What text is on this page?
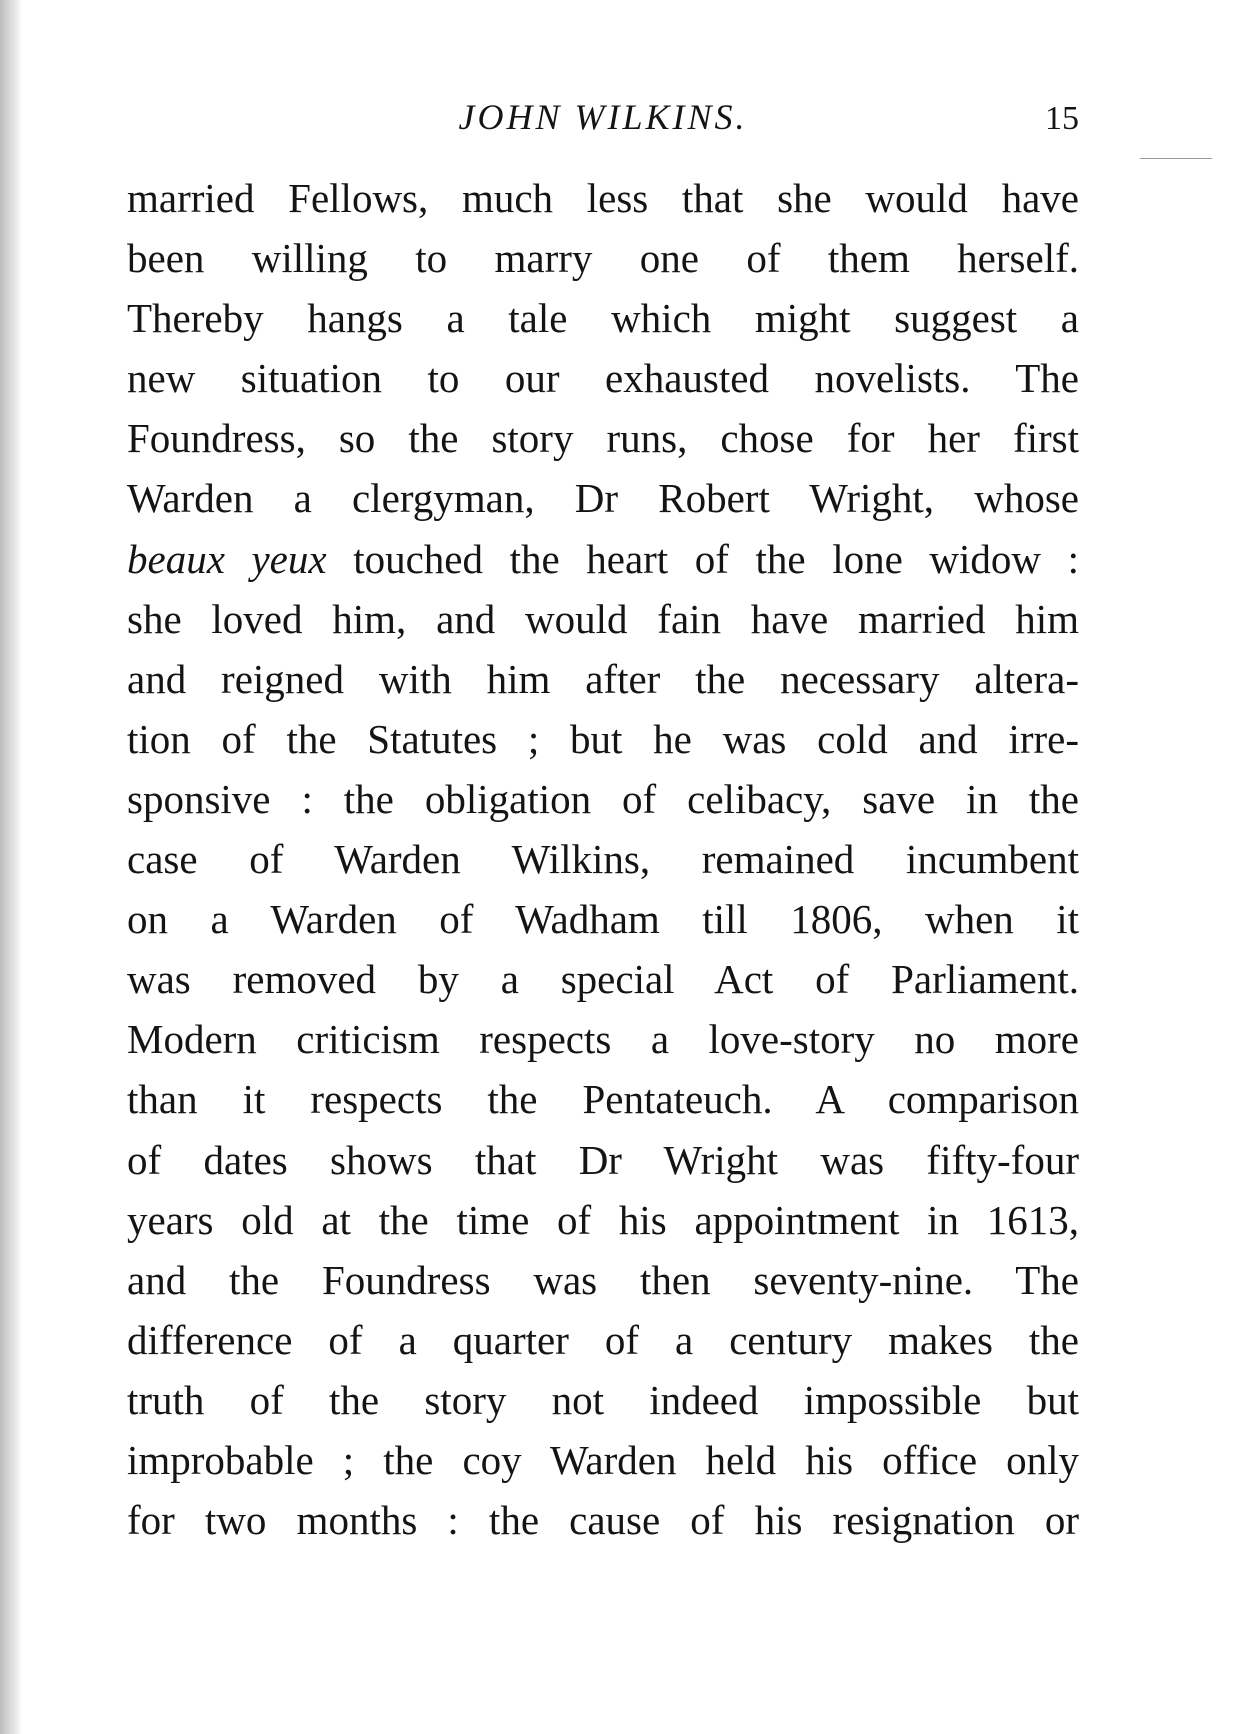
JOHN WILKINS.	15
married Fellows, much less that she would have
been willing to marry one of them herself.
Thereby hangs a tale which might suggest a
new situation to our exhausted novelists. The
Foundress, so the story runs, chose for her first
Warden a clergyman, Dr Robert Wright, whose
beaux yeux touched the heart of the lone widow :
she loved him, and would fain have married him
and reigned with him after the necessary altera-
tion of the Statutes ; but he was cold and irre-
sponsive : the obligation of celibacy, save in the
case of Warden Wilkins, remained incumbent
on a Warden of Wadham till 1806, when it
was removed by a special Act of Parliament.
Modern criticism respects a love-story no more
than it respects the Pentateuch. A comparison
of dates shows that Dr Wright was fifty-four
years old at the time of his appointment in 1613,
and the Foundress was then seventy-nine. The
difference of a quarter of a century makes the
truth of the story not indeed impossible but
improbable ; the coy Warden held his office only
for two months : the cause of his resignation or
